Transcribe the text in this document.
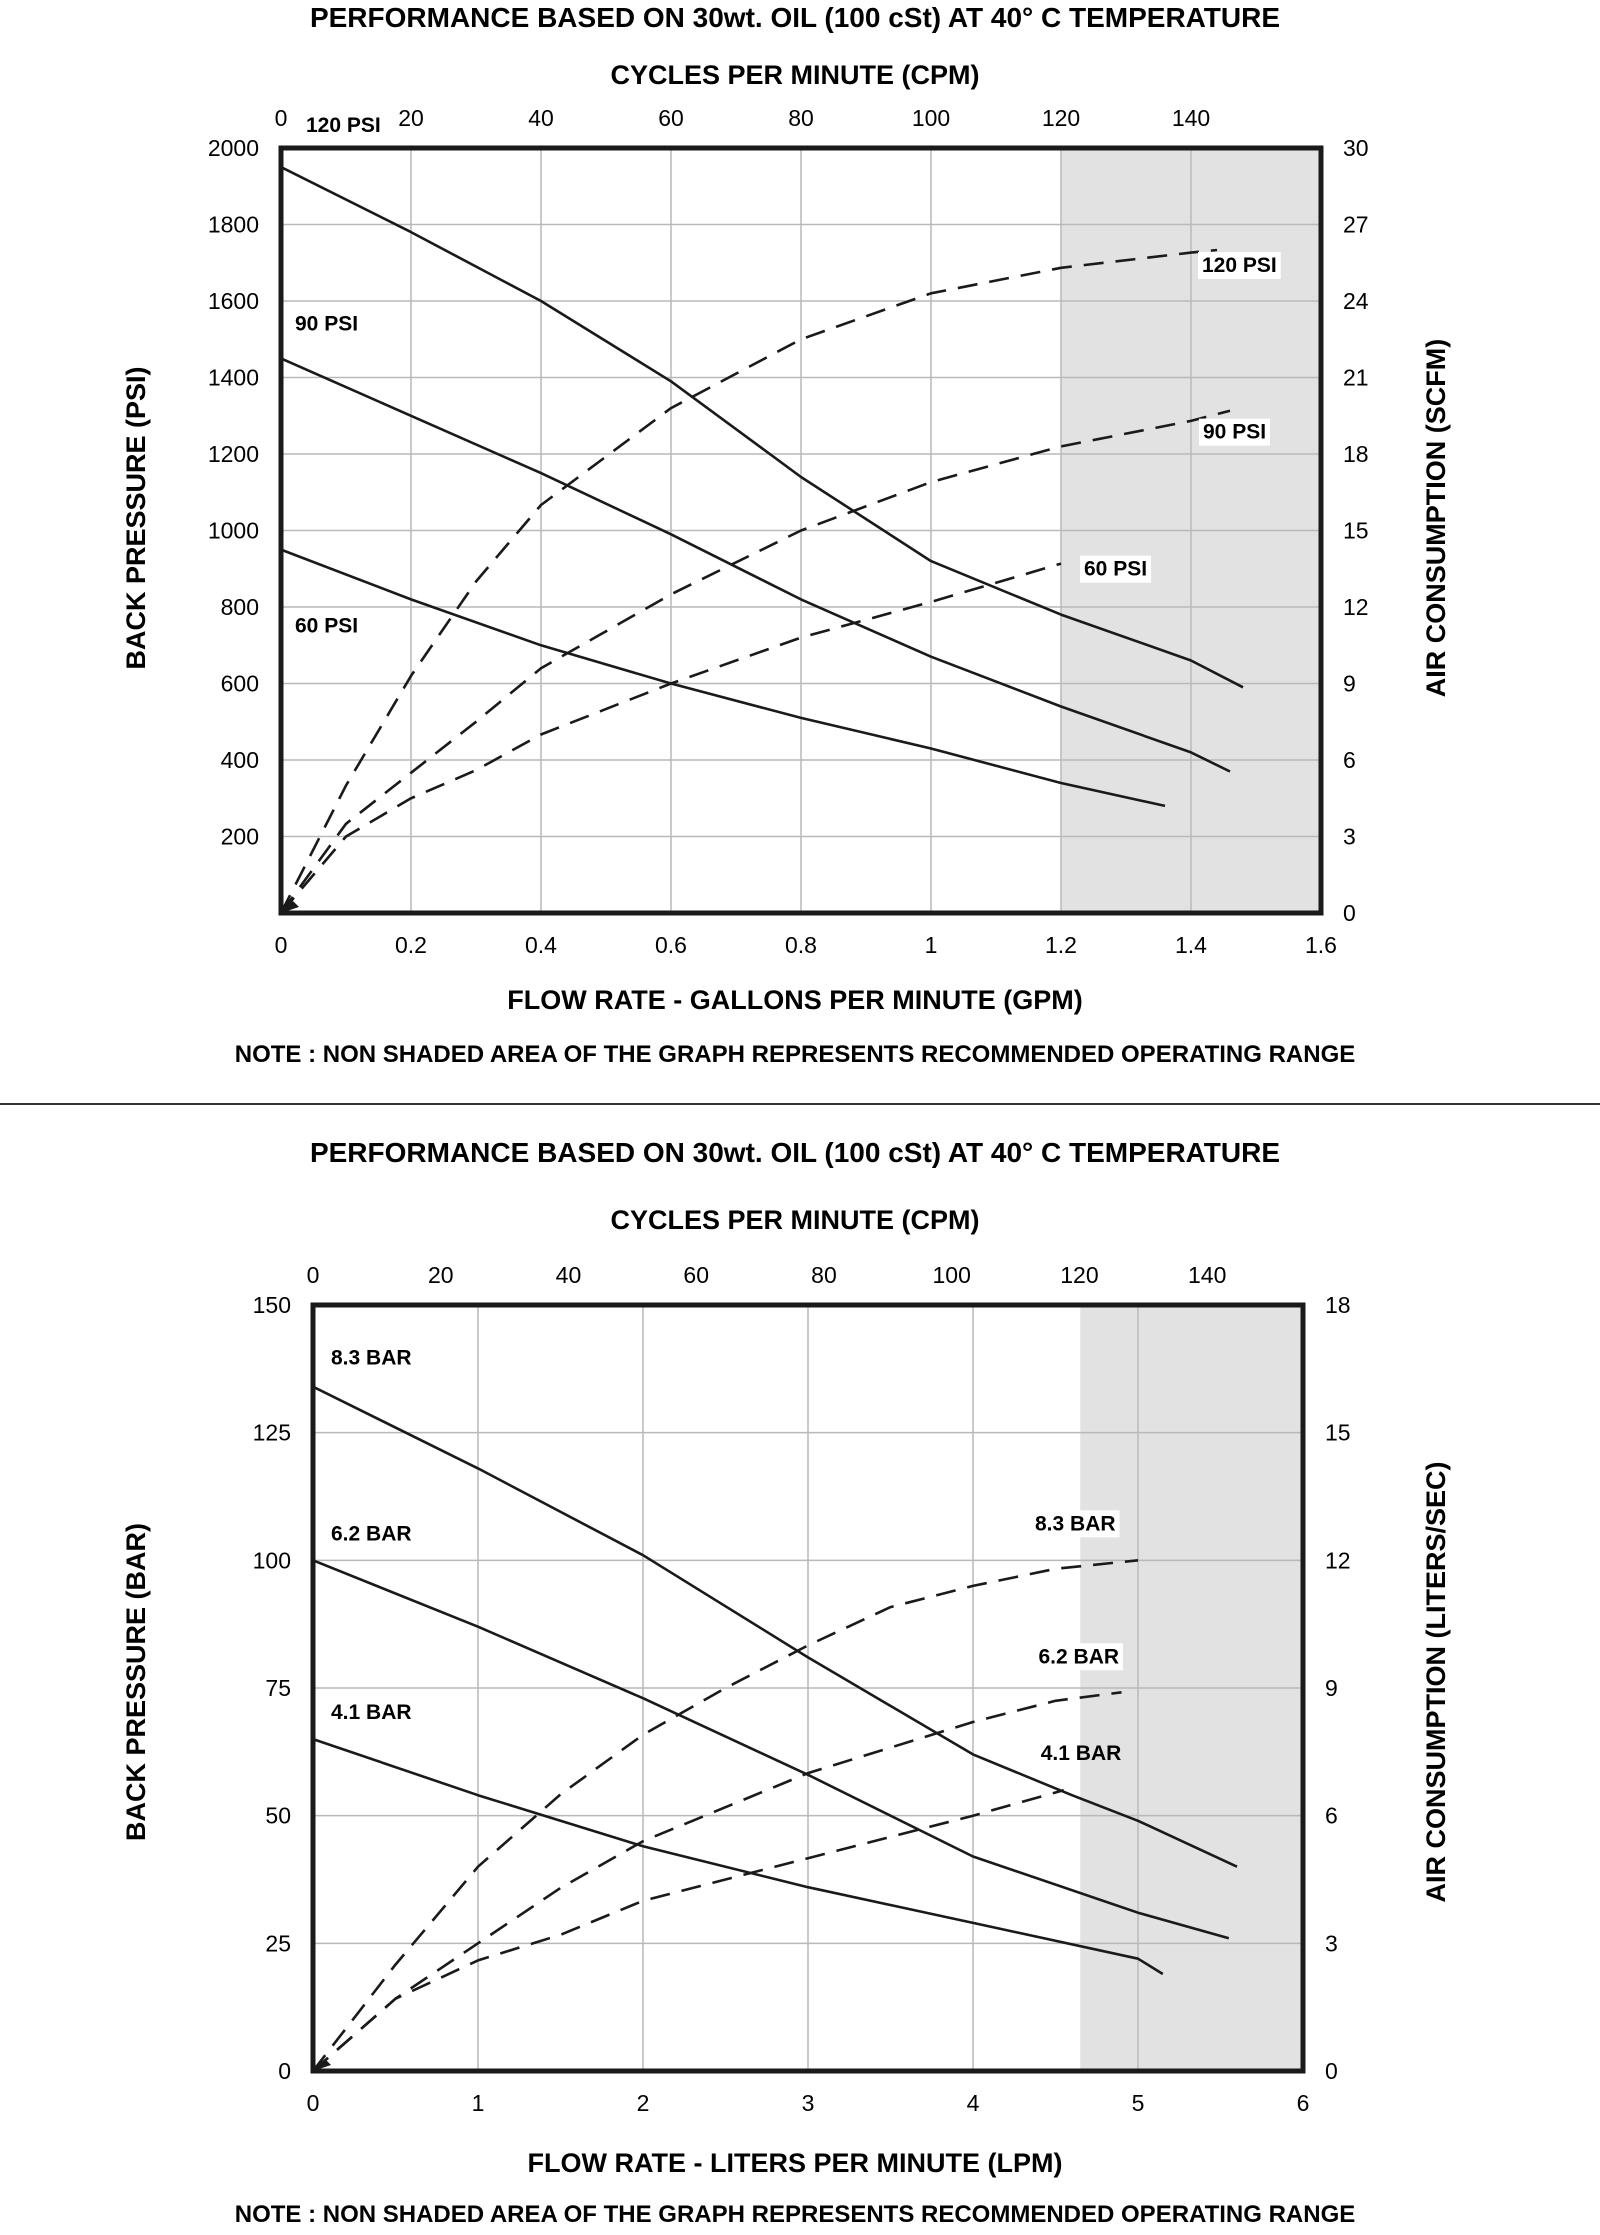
PERFORMANCE BASED ON 30wt. OIL (100 cSt) AT 40° C TEMPERATURE
CYCLES PER MINUTE (CPM)
FLOW RATE - GALLONS PER MINUTE (GPM)
BACK PRESSURE (PSI)	AIR CONSUMPTION (SCFM)
NOTE : NON SHADED AREA OF THE GRAPH REPRESENTS RECOMMENDED OPERATING RANGE
0	0.2	0.4	0.6	0.8	1	1.2	1.4	1.6
200
400
600
800
1000
1200
1400
1600
1800
2000
0
3
6
9
12
15
18
21
24
27
30
0	20	40	60	80	100	120	140
120 PSI
90 PSI
60 PSI
120 PSI
90 PSI
60 PSI
PERFORMANCE BASED ON 30wt. OIL (100 cSt) AT 40° C TEMPERATURE
CYCLES PER MINUTE (CPM)
FLOW RATE - LITERS PER MINUTE (LPM)
BACK PRESSURE (BAR)	AIR CONSUMPTION (LITERS/SEC)
NOTE : NON SHADED AREA OF THE GRAPH REPRESENTS RECOMMENDED OPERATING RANGE
0	1	2	3	4	5	6
0
25
50
75
100
125
150
0
3
6
9
12
15
18
0	20	40	60	80	100	120	140
8.3 BAR
6.2 BAR
4.1 BAR
8.3 BAR
6.2 BAR
4.1 BAR
